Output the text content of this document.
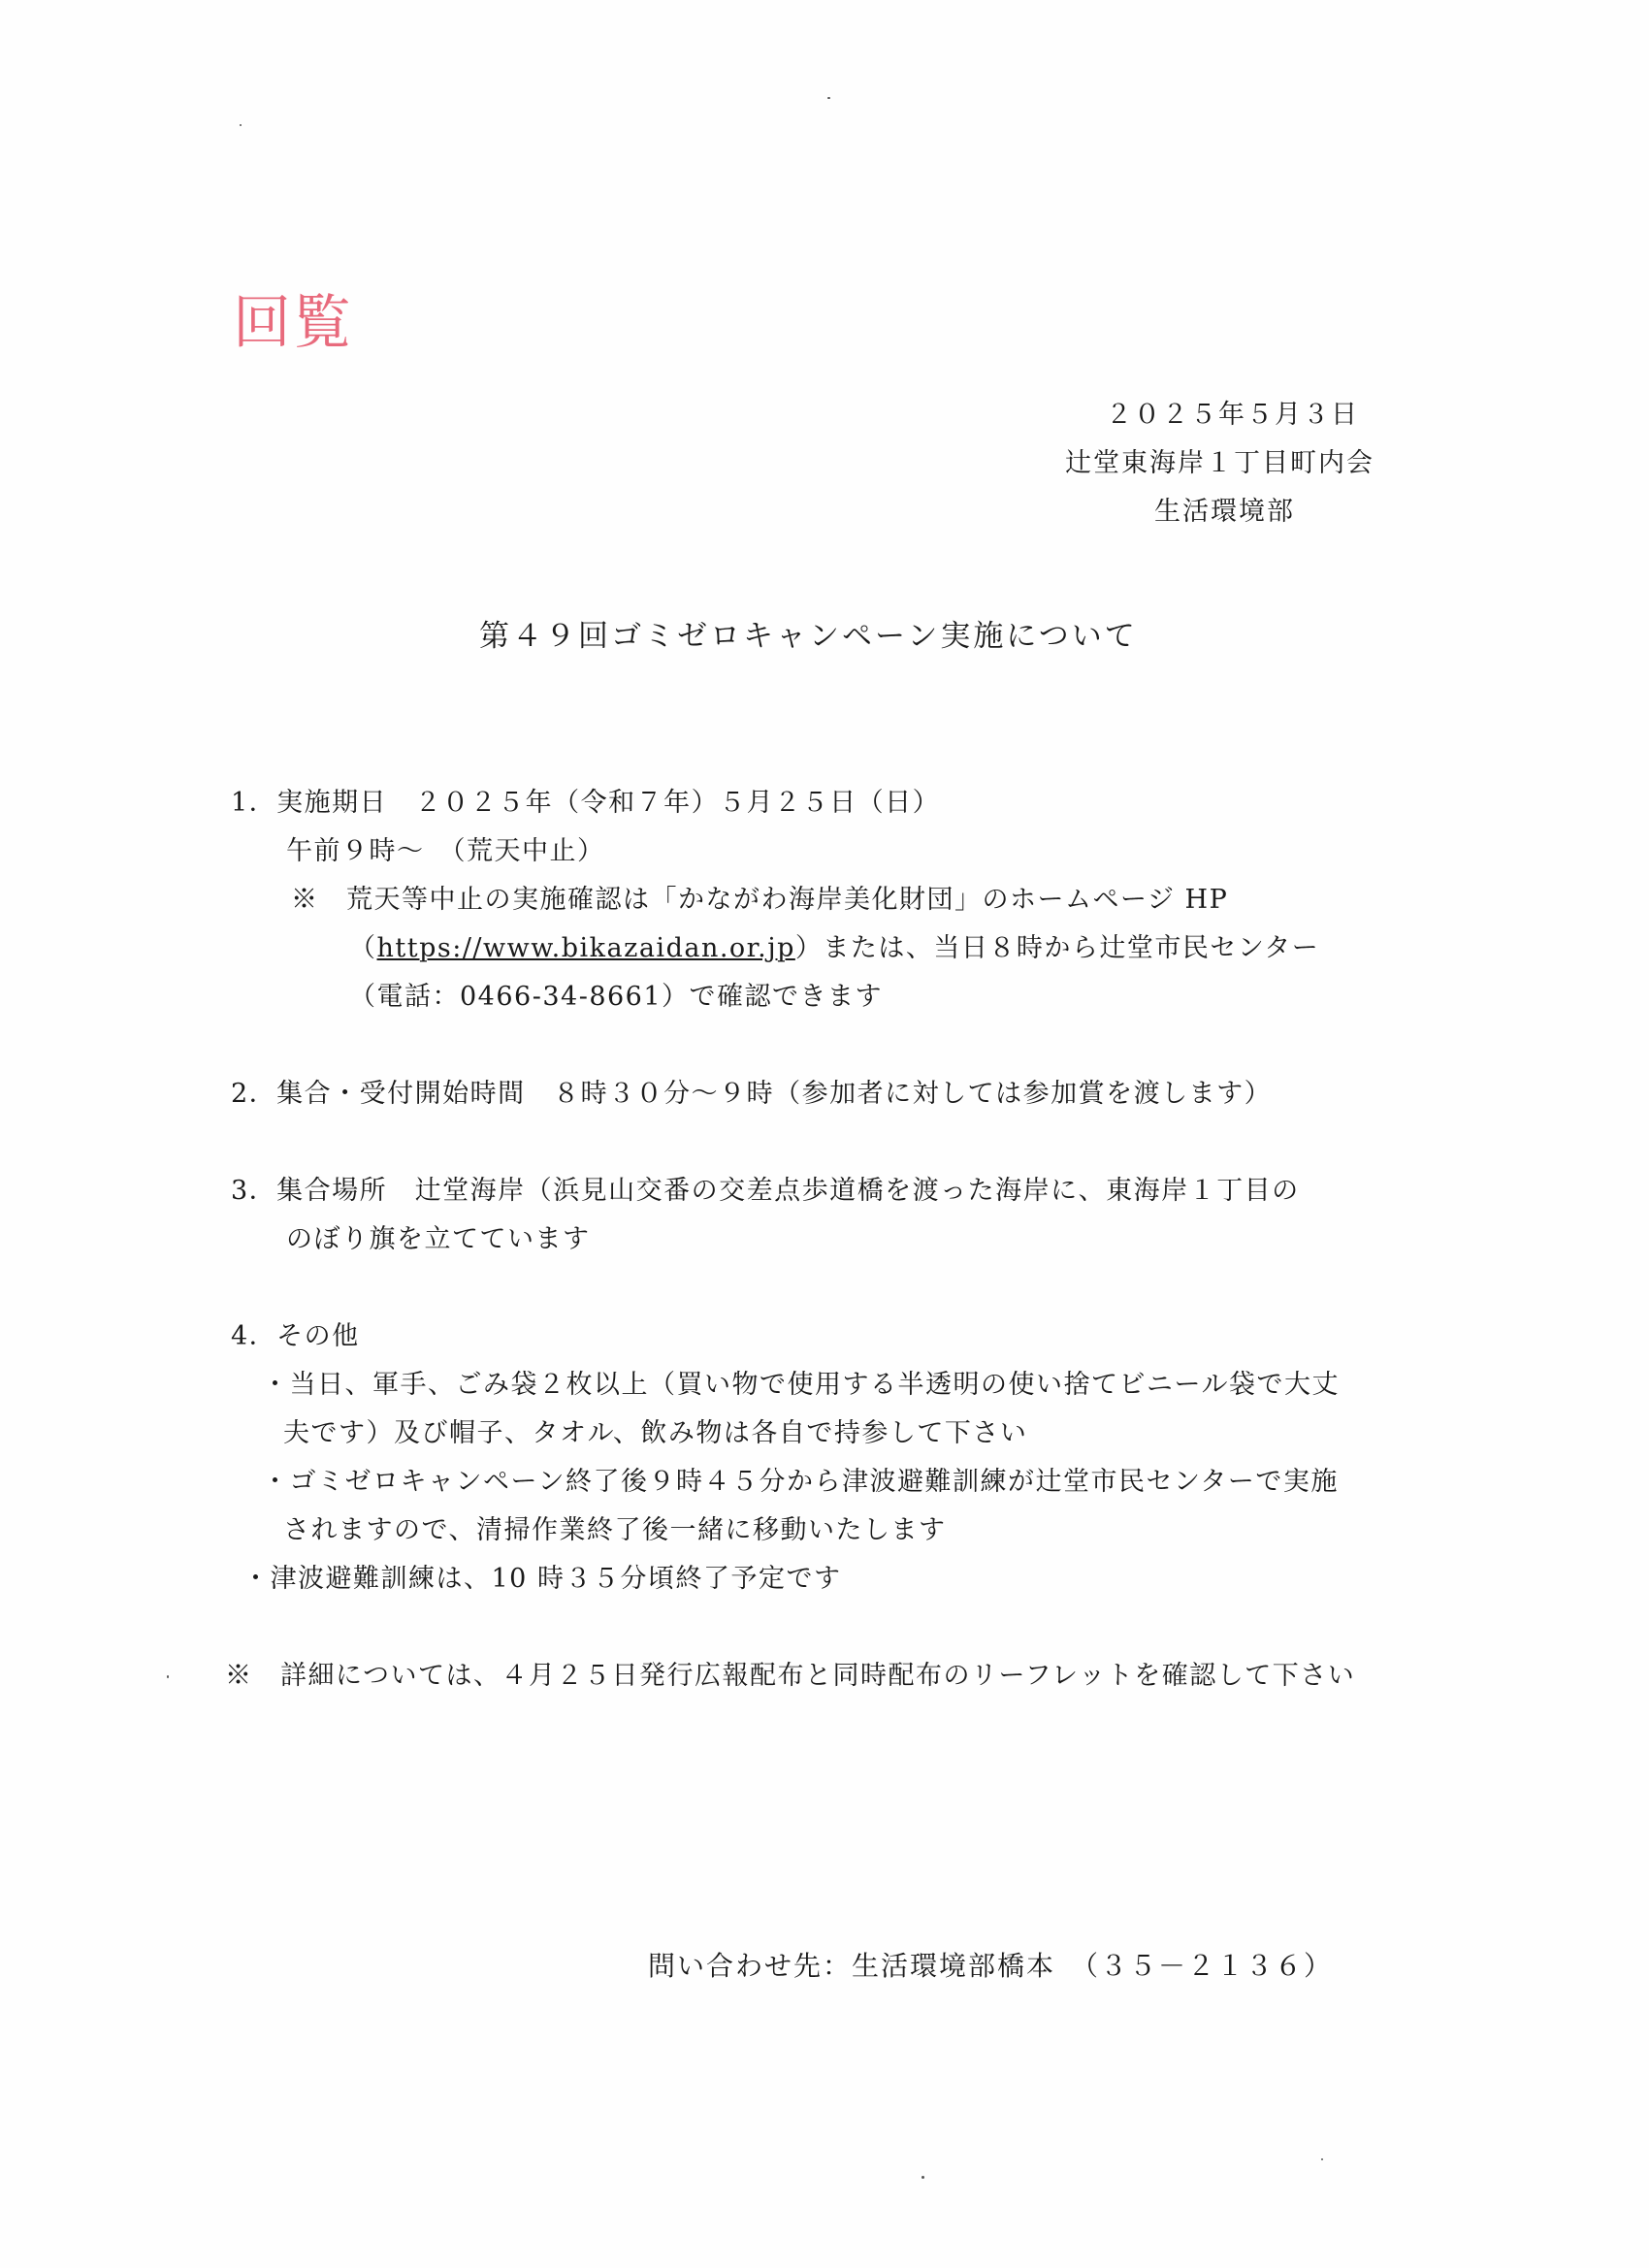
回覧
２０２５年５月３日
辻堂東海岸１丁目町内会
生活環境部
第４９回ゴミゼロキャンペーン実施について
1．実施期日　２０２５年（令和７年）５月２５日（日）
午前９時～　（荒天中止）
※　荒天等中止の実施確認は「かながわ海岸美化財団」のホームページ HP
（https://www.bikazaidan.or.jp）または、当日８時から辻堂市民センター
（電話：0466-34-8661）で確認できます
2．集合・受付開始時間　８時３０分～９時（参加者に対しては参加賞を渡します）
3．集合場所　辻堂海岸（浜見山交番の交差点歩道橋を渡った海岸に、東海岸１丁目の
のぼり旗を立てています
4．その他
・当日、軍手、ごみ袋２枚以上（買い物で使用する半透明の使い捨てビニール袋で大丈
夫です）及び帽子、タオル、飲み物は各自で持参して下さい
・ゴミゼロキャンペーン終了後９時４５分から津波避難訓練が辻堂市民センターで実施
されますので、清掃作業終了後一緒に移動いたします
・津波避難訓練は、10 時３５分頃終了予定です
※　詳細については、４月２５日発行広報配布と同時配布のリーフレットを確認して下さい
問い合わせ先：生活環境部橋本　（３５－２１３６）
